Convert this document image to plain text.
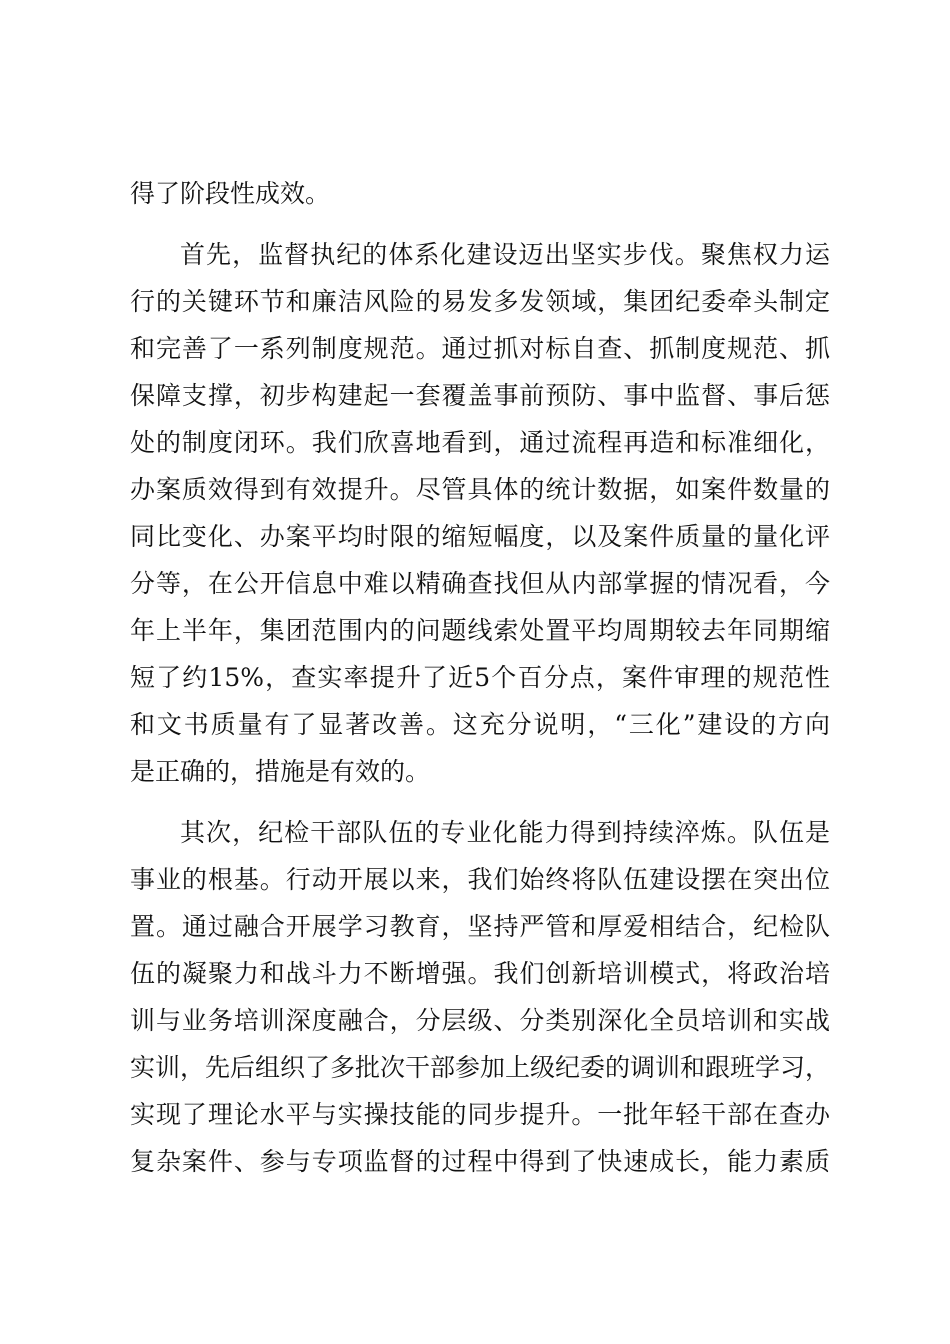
得了阶段性成效。
首先，监督执纪的体系化建设迈出坚实步伐。聚焦权力运
行的关键环节和廉洁风险的易发多发领域，集团纪委牵头制定
和完善了一系列制度规范。通过抓对标自查、抓制度规范、抓
保障支撑，初步构建起一套覆盖事前预防、事中监督、事后惩
处的制度闭环。我们欣喜地看到，通过流程再造和标准细化，
办案质效得到有效提升。尽管具体的统计数据，如案件数量的
同比变化、办案平均时限的缩短幅度，以及案件质量的量化评
分等，在公开信息中难以精确查找但从内部掌握的情况看，今
年上半年，集团范围内的问题线索处置平均周期较去年同期缩
短了约15%，查实率提升了近5个百分点，案件审理的规范性
和文书质量有了显著改善。这充分说明，“三化”建设的方向
是正确的，措施是有效的。
其次，纪检干部队伍的专业化能力得到持续淬炼。队伍是
事业的根基。行动开展以来，我们始终将队伍建设摆在突出位
置。通过融合开展学习教育，坚持严管和厚爱相结合，纪检队
伍的凝聚力和战斗力不断增强。我们创新培训模式，将政治培
训与业务培训深度融合，分层级、分类别深化全员培训和实战
实训，先后组织了多批次干部参加上级纪委的调训和跟班学习，
实现了理论水平与实操技能的同步提升。一批年轻干部在查办
复杂案件、参与专项监督的过程中得到了快速成长，能力素质
